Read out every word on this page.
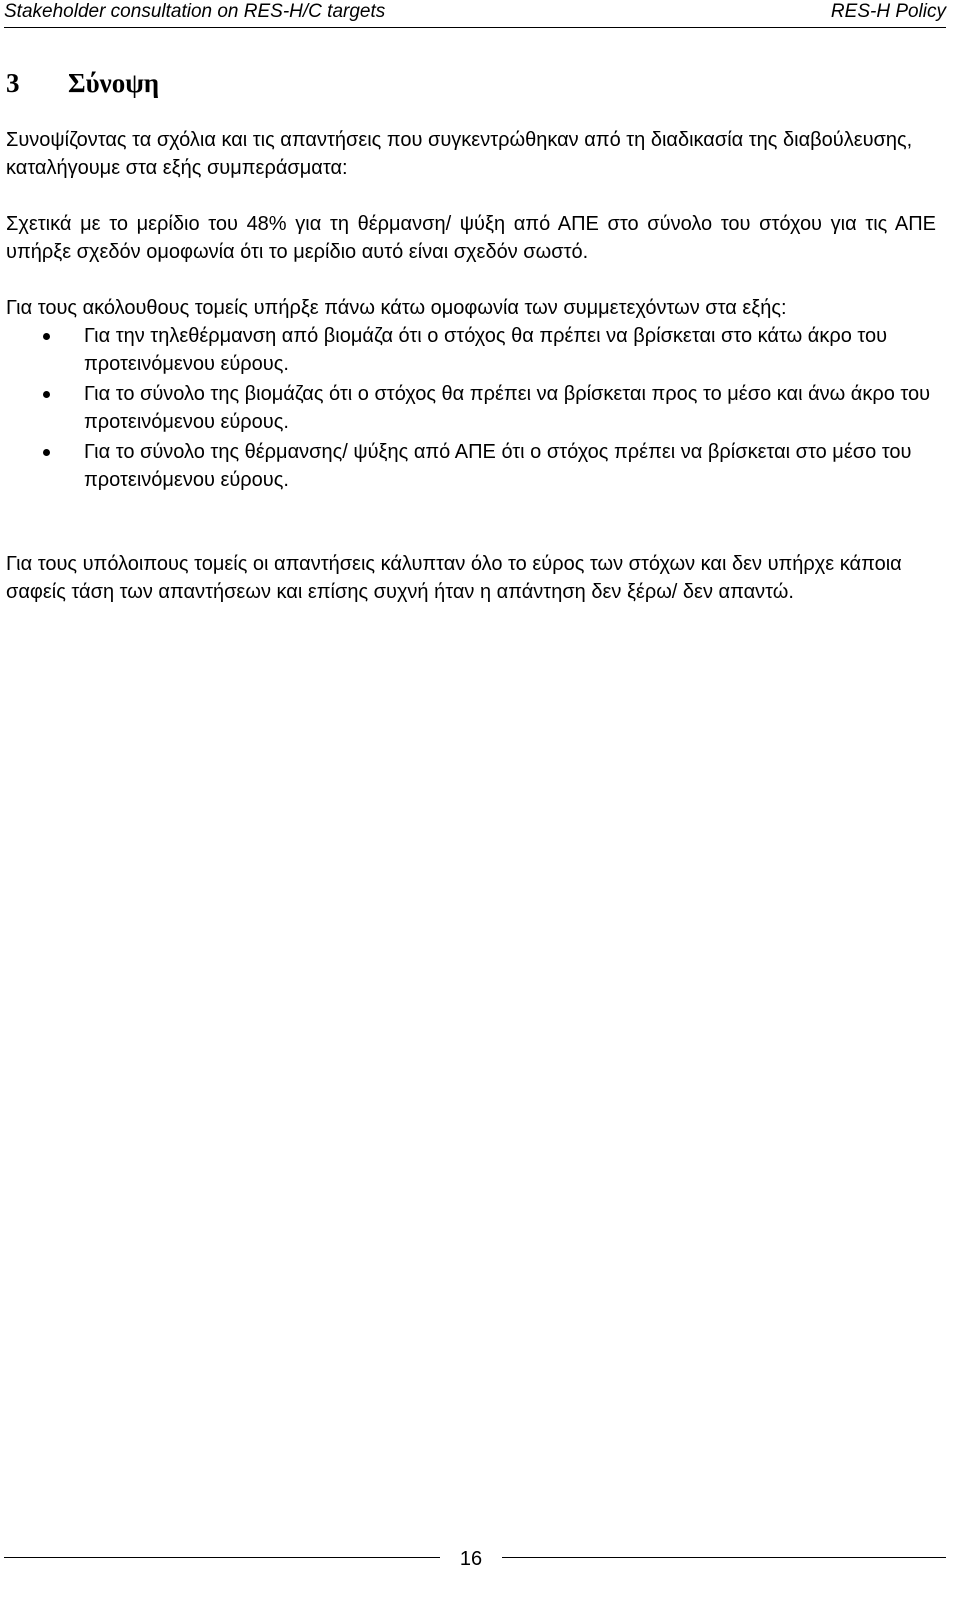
Stakeholder consultation on RES-H/C targets	RES-H Policy
3 Σύνοψη

Συνοψίζοντας τα σχόλια και τις απαντήσεις που συγκεντρώθηκαν από τη διαδικασία της διαβούλευσης, καταλήγουμε στα εξής συμπεράσματα:

Σχετικά με το μερίδιο του 48% για τη θέρμανση/ ψύξη από ΑΠΕ στο σύνολο του στόχου για τις ΑΠΕ υπήρξε σχεδόν ομοφωνία ότι το μερίδιο αυτό είναι σχεδόν σωστό.

Για τους ακόλουθους τομείς υπήρξε πάνω κάτω ομοφωνία των συμμετεχόντων στα εξής:

Για την τηλεθέρμανση από βιομάζα ότι ο στόχος θα πρέπει να βρίσκεται στο κάτω άκρο του προτεινόμενου εύρους.
Για το σύνολο της βιομάζας ότι ο στόχος θα πρέπει να βρίσκεται προς το μέσο και άνω άκρο του προτεινόμενου εύρους.
Για το σύνολο της θέρμανσης/ ψύξης από ΑΠΕ ότι ο στόχος πρέπει να βρίσκεται στο μέσο του προτεινόμενου εύρους.

Για τους υπόλοιπους τομείς οι απαντήσεις κάλυπταν όλο το εύρος των στόχων και δεν υπήρχε κάποια σαφείς τάση των απαντήσεων και επίσης συχνή ήταν η απάντηση δεν ξέρω/ δεν απαντώ.

16
